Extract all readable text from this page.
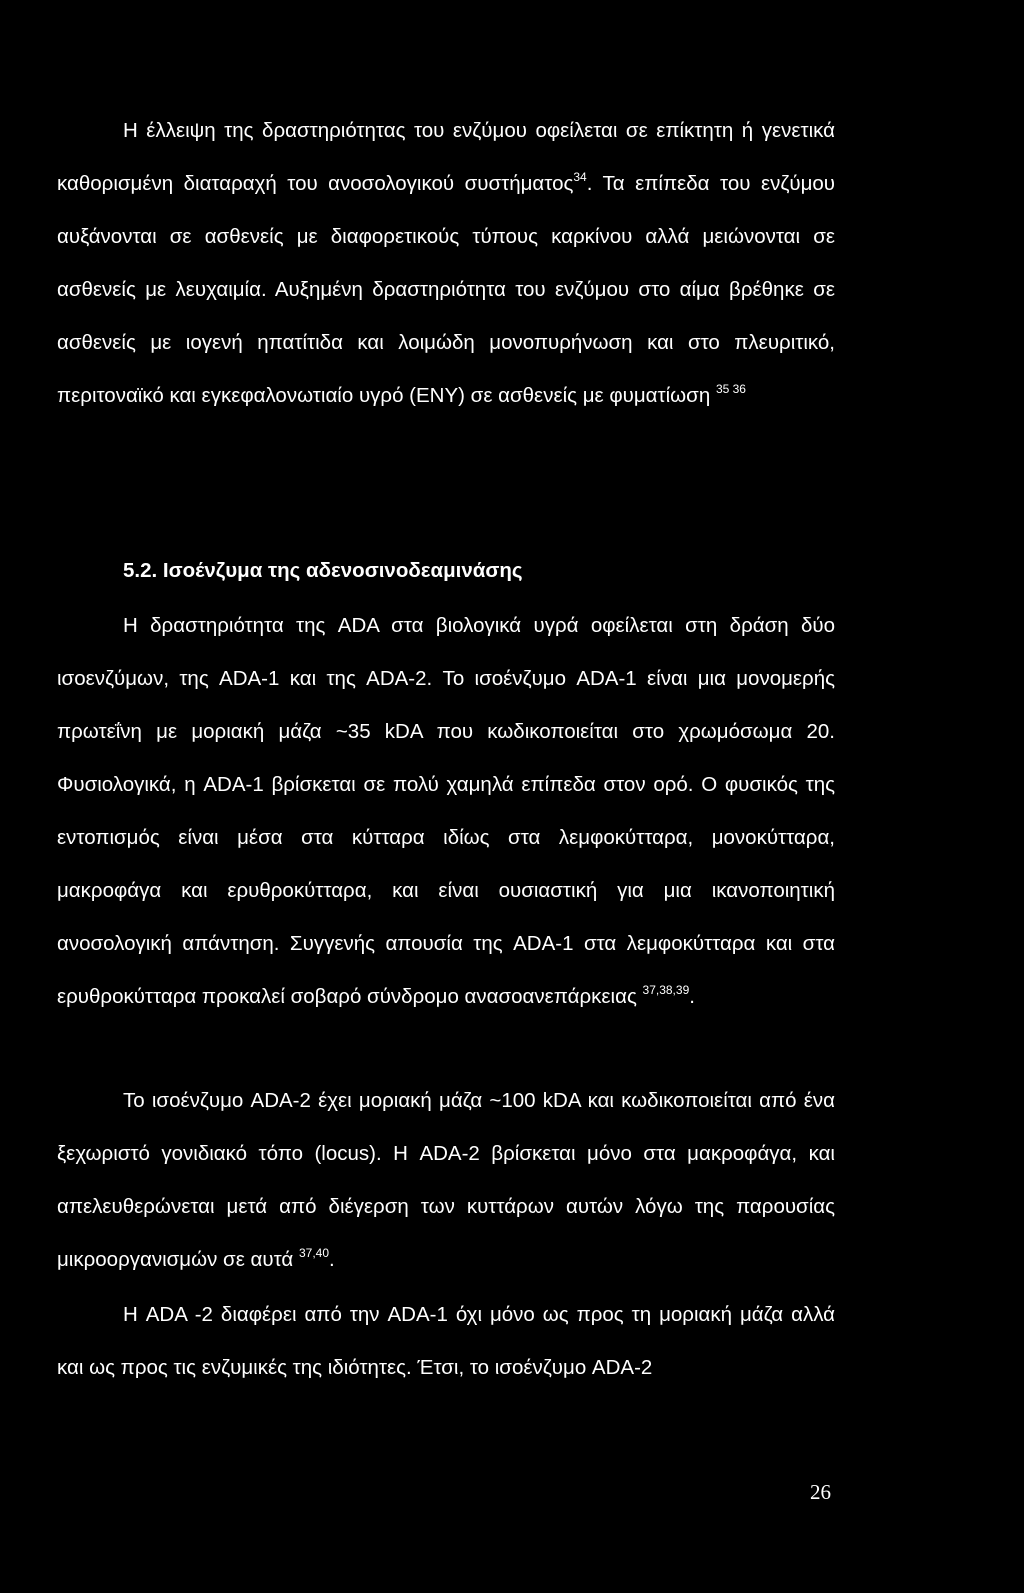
Η έλλειψη της δραστηριότητας του ενζύμου οφείλεται σε επίκτητη ή γενετικά καθορισμένη διαταραχή του ανοσολογικού συστήματος$^{34}$. Τα επίπεδα του ενζύμου αυξάνονται σε ασθενείς με διαφορετικούς τύπους καρκίνου αλλά μειώνονται σε ασθενείς με λευχαιμία. Αυξημένη δραστηριότητα του ενζύμου στο αίμα βρέθηκε σε ασθενείς με ιογενή ηπατίτιδα και λοιμώδη μονοπυρήνωση και στο πλευριτικό, περιτοναϊκό και εγκεφαλονωτιαίο υγρό (ΕΝΥ) σε ασθενείς με φυματίωση $^{35 36}$

5.2. Ισοένζυμα της αδενοσινοδεαμινάσης

Η δραστηριότητα της ADA στα βιολογικά υγρά οφείλεται στη δράση δύο ισοενζύμων, της ADA-1 και της ADA-2. Το ισοένζυμο ADA-1 είναι μια μονομερής πρωτεΐνη με μοριακή μάζα ~35 kDA που κωδικοποιείται στο χρωμόσωμα 20. Φυσιολογικά, η ADA-1 βρίσκεται σε πολύ χαμηλά επίπεδα στον ορό. Ο φυσικός της εντοπισμός είναι μέσα στα κύτταρα ιδίως στα λεμφοκύτταρα, μονοκύτταρα, μακροφάγα και ερυθροκύτταρα, και είναι ουσιαστική για μια ικανοποιητική ανοσολογική απάντηση. Συγγενής απουσία της ADA-1 στα λεμφοκύτταρα και στα ερυθροκύτταρα προκαλεί σοβαρό σύνδρομο ανασοανεπάρκειας $^{37,38,39}$.

Το ισοένζυμο ADA-2 έχει μοριακή μάζα ~100 kDA και κωδικοποιείται από ένα ξεχωριστό γονιδιακό τόπο (locus). Η ADA-2 βρίσκεται μόνο στα μακροφάγα, και απελευθερώνεται μετά από διέγερση των κυττάρων αυτών λόγω της παρουσίας μικροοργανισμών σε αυτά $^{37,40}$.

Η ADA -2 διαφέρει από την ADA-1 όχι μόνο ως προς τη μοριακή μάζα αλλά και ως προς τις ενζυμικές της ιδιότητες. Έτσι, το ισοένζυμο ADA-2

26
